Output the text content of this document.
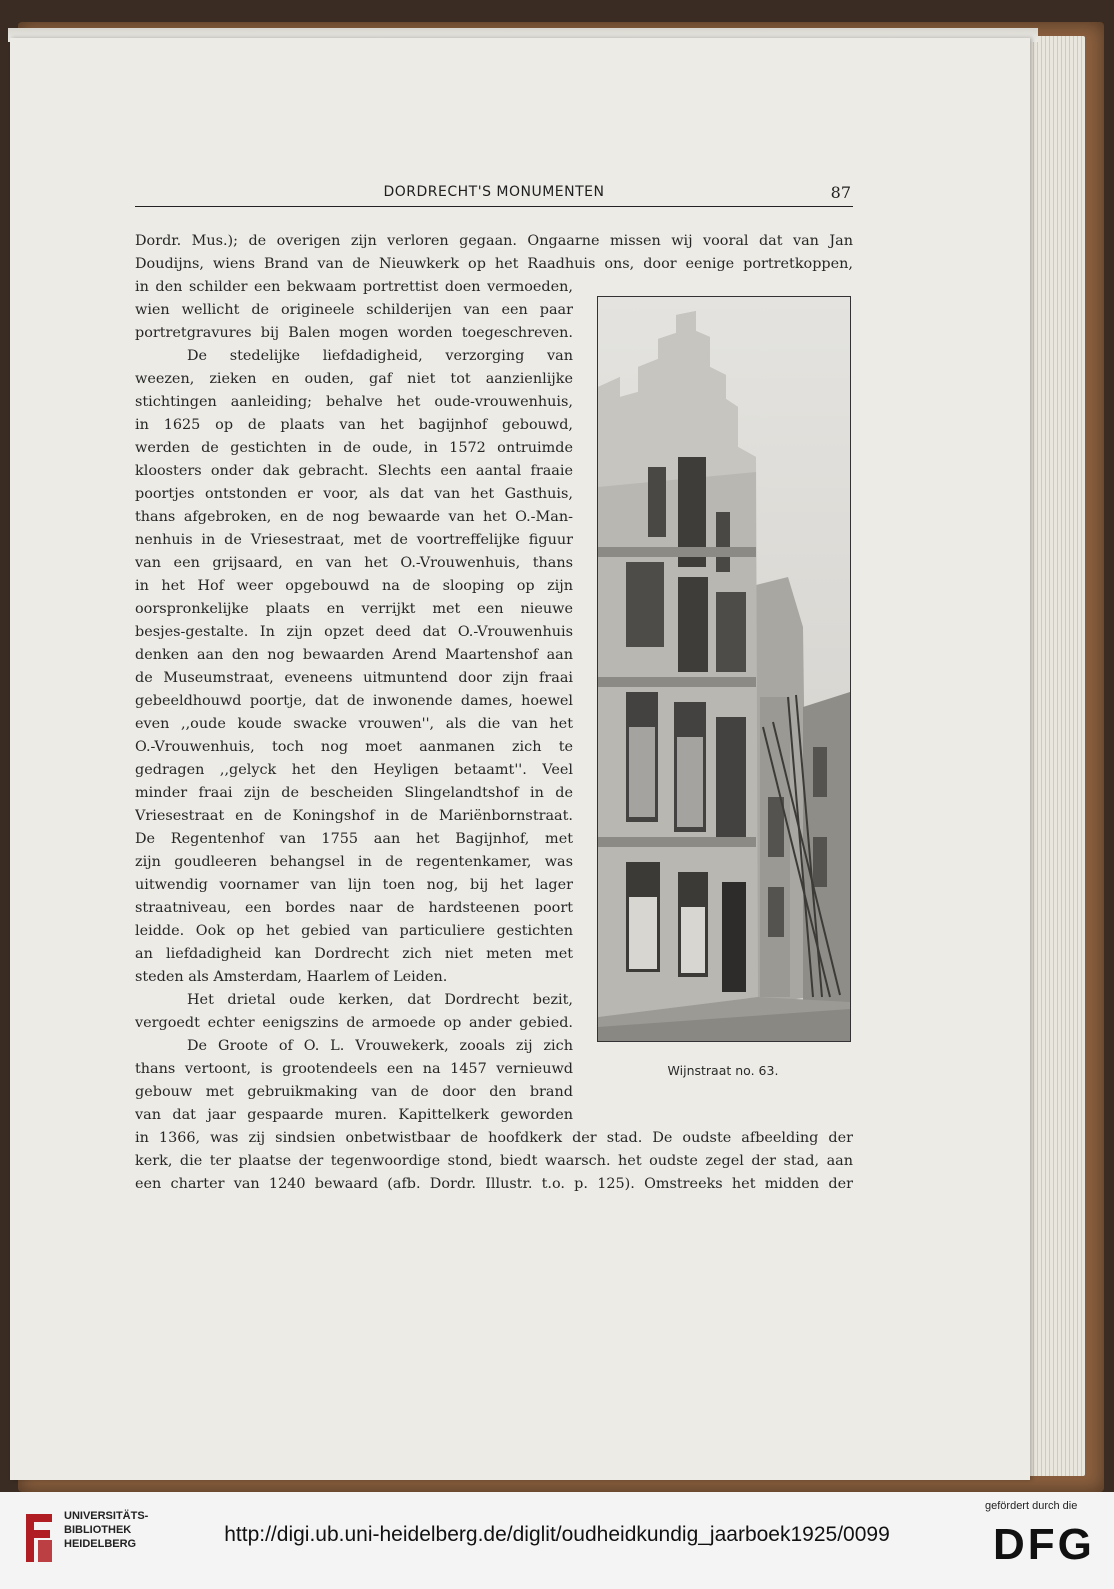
DORDRECHT'S MONUMENTEN	87
Dordr. Mus.); de overigen zijn verloren gegaan. Ongaarne missen wij vooral dat van Jan
Doudijns, wiens Brand van de Nieuwkerk op het Raadhuis ons, door eenige portretkoppen,
in den schilder een bekwaam portrettist doen vermoeden,
wien wellicht de origineele schilderijen van een paar
portretgravures bij Balen mogen worden toegeschreven.
De stedelijke liefdadigheid, verzorging van
weezen, zieken en ouden, gaf niet tot aanzienlijke
stichtingen aanleiding; behalve het oude-vrouwenhuis,
in 1625 op de plaats van het bagijnhof gebouwd,
werden de gestichten in de oude, in 1572 ontruimde
kloosters onder dak gebracht. Slechts een aantal fraaie
poortjes ontstonden er voor, als dat van het Gasthuis,
thans afgebroken, en de nog bewaarde van het O.-Man-
nenhuis in de Vriesestraat, met de voortreffelijke figuur
van een grijsaard, en van het O.-Vrouwenhuis, thans
in het Hof weer opgebouwd na de slooping op zijn
oorspronkelijke plaats en verrijkt met een nieuwe
besjes-gestalte. In zijn opzet deed dat O.-Vrouwenhuis
denken aan den nog bewaarden Arend Maartenshof aan
de Museumstraat, eveneens uitmuntend door zijn fraai
gebeeldhouwd poortje, dat de inwonende dames, hoewel
even ,,oude koude swacke vrouwen'', als die van het
O.-Vrouwenhuis, toch nog moet aanmanen zich te
gedragen ,,gelyck het den Heyligen betaamt''. Veel
minder fraai zijn de bescheiden Slingelandtshof in de
Vriesestraat en de Koningshof in de Mariënbornstraat.
De Regentenhof van 1755 aan het Bagijnhof, met
zijn goudleeren behangsel in de regentenkamer, was
uitwendig voornamer van lijn toen nog, bij het lager
straatniveau, een bordes naar de hardsteenen poort
leidde. Ook op het gebied van particuliere gestichten
an liefdadigheid kan Dordrecht zich niet meten met
steden als Amsterdam, Haarlem of Leiden.
Het drietal oude kerken, dat Dordrecht bezit,
vergoedt echter eenigszins de armoede op ander gebied.
De Groote of O. L. Vrouwekerk, zooals zij zich
thans vertoont, is grootendeels een na 1457 vernieuwd
gebouw met gebruikmaking van de door den brand
van dat jaar gespaarde muren. Kapittelkerk geworden
in 1366, was zij sindsien onbetwistbaar de hoofdkerk der stad. De oudste afbeelding der
kerk, die ter plaatse der tegenwoordige stond, biedt waarsch. het oudste zegel der stad, aan
een charter van 1240 bewaard (afb. Dordr. Illustr. t.o. p. 125). Omstreeks het midden der
Wijnstraat no. 63.
UNIVERSITÄTS-
BIBLIOTHEK
HEIDELBERG	http://digi.ub.uni-heidelberg.de/diglit/oudheidkundig_jaarboek1925/0099
gefördert durch die
DFG
